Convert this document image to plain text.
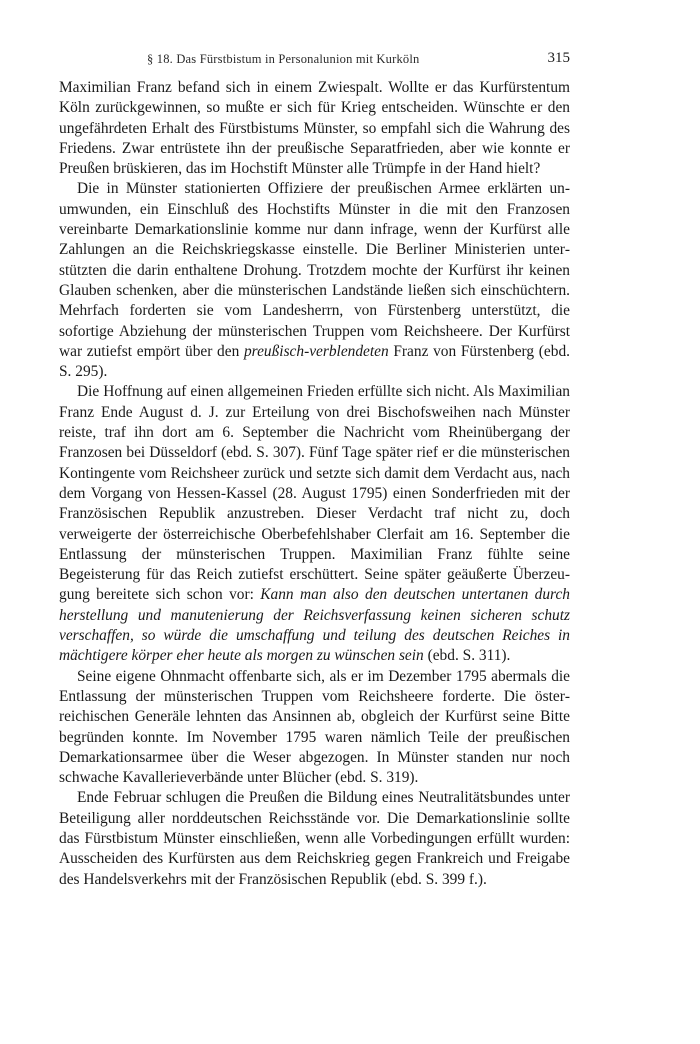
§ 18. Das Fürstbistum in Personalunion mit Kurköln	315

Maximilian Franz befand sich in einem Zwiespalt. Wollte er das Kurfürstentum Köln zurückgewinnen, so mußte er sich für Krieg entscheiden. Wünschte er den ungefährdeten Erhalt des Fürstbistums Münster, so empfahl sich die Wahrung des Friedens. Zwar entrüstete ihn der preußische Separatfrieden, aber wie konnte er Preußen brüskieren, das im Hochstift Münster alle Trümpfe in der Hand hielt?

Die in Münster stationierten Offiziere der preußischen Armee erklärten unumwunden, ein Einschluß des Hochstifts Münster in die mit den Franzosen vereinbarte Demarkationslinie komme nur dann infrage, wenn der Kurfürst alle Zahlungen an die Reichskriegskasse einstelle. Die Berliner Ministerien unterstützten die darin enthaltene Drohung. Trotzdem mochte der Kurfürst ihr keinen Glauben schenken, aber die münsterischen Landstände ließen sich einschüchtern. Mehrfach forderten sie vom Landesherrn, von Fürstenberg unterstützt, die sofortige Abziehung der münsterischen Truppen vom Reichsheere. Der Kurfürst war zutiefst empört über den preußisch-verblendeten Franz von Fürstenberg (ebd. S. 295).

Die Hoffnung auf einen allgemeinen Frieden erfüllte sich nicht. Als Maximilian Franz Ende August d. J. zur Erteilung von drei Bischofsweihen nach Münster reiste, traf ihn dort am 6. September die Nachricht vom Rheinübergang der Franzosen bei Düsseldorf (ebd. S. 307). Fünf Tage später rief er die münsterischen Kontingente vom Reichsheer zurück und setzte sich damit dem Verdacht aus, nach dem Vorgang von Hessen-Kassel (28. August 1795) einen Sonderfrieden mit der Französischen Republik anzustreben. Dieser Verdacht traf nicht zu, doch verweigerte der österreichische Oberbefehlshaber Clerfait am 16. September die Entlassung der münsterischen Truppen. Maximilian Franz fühlte seine Begeisterung für das Reich zutiefst erschüttert. Seine später geäußerte Überzeugung bereitete sich schon vor: Kann man also den deutschen untertanen durch herstellung und manutenierung der Reichsverfassung keinen sicheren schutz verschaffen, so würde die umschaffung und teilung des deutschen Reiches in mächtigere körper eher heute als morgen zu wünschen sein (ebd. S. 311).

Seine eigene Ohnmacht offenbarte sich, als er im Dezember 1795 abermals die Entlassung der münsterischen Truppen vom Reichsheere forderte. Die österreichischen Generäle lehnten das Ansinnen ab, obgleich der Kurfürst seine Bitte begründen konnte. Im November 1795 waren nämlich Teile der preußischen Demarkationsarmee über die Weser abgezogen. In Münster standen nur noch schwache Kavallerieverbände unter Blücher (ebd. S. 319).

Ende Februar schlugen die Preußen die Bildung eines Neutralitätsbundes unter Beteiligung aller norddeutschen Reichsstände vor. Die Demarkationslinie sollte das Fürstbistum Münster einschließen, wenn alle Vorbedingungen erfüllt wurden: Ausscheiden des Kurfürsten aus dem Reichskrieg gegen Frankreich und Freigabe des Handelsverkehrs mit der Französischen Republik (ebd. S. 399 f.).
